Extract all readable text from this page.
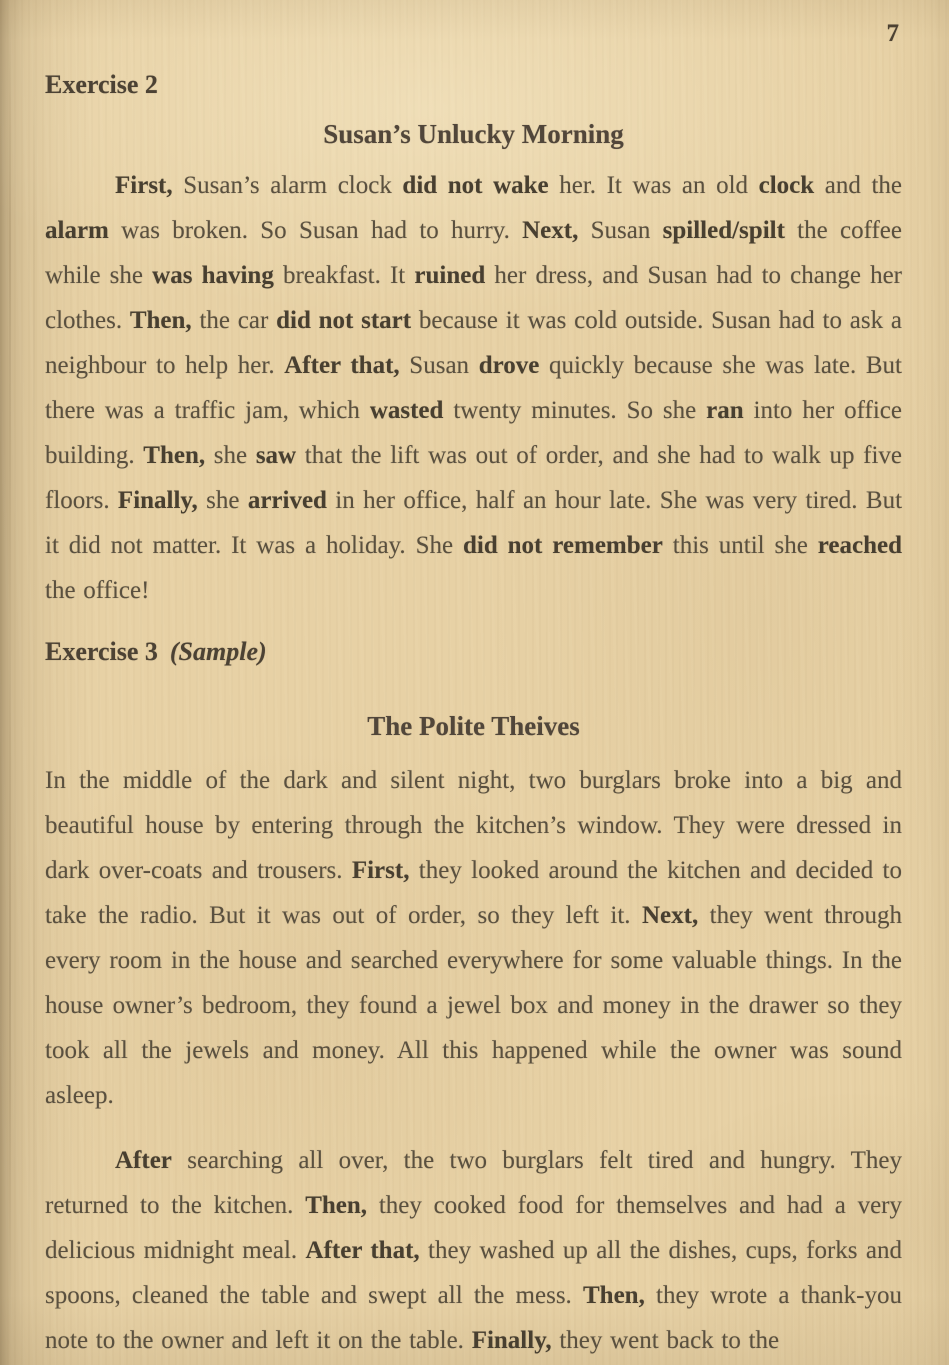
7
Exercise 2
Susan’s Unlucky Morning

First, Susan’s alarm clock did not wake her. It was an old clock and the alarm was broken. So Susan had to hurry. Next, Susan spilled/spilt the coffee while she was having breakfast. It ruined her dress, and Susan had to change her clothes. Then, the car did not start because it was cold outside. Susan had to ask a neighbour to help her. After that, Susan drove quickly because she was late. But there was a traffic jam, which wasted twenty minutes. So she ran into her office building. Then, she saw that the lift was out of order, and she had to walk up five floors. Finally, she arrived in her office, half an hour late. She was very tired. But it did not matter. It was a holiday. She did not remember this until she reached the office!

Exercise 3 (Sample)
The Polite Theives

In the middle of the dark and silent night, two burglars broke into a big and beautiful house by entering through the kitchen’s window. They were dressed in dark over-coats and trousers. First, they looked around the kitchen and decided to take the radio. But it was out of order, so they left it. Next, they went through every room in the house and searched everywhere for some valuable things. In the house owner’s bedroom, they found a jewel box and money in the drawer so they took all the jewels and money. All this happened while the owner was sound asleep.

After searching all over, the two burglars felt tired and hungry. They returned to the kitchen. Then, they cooked food for themselves and had a very delicious midnight meal. After that, they washed up all the dishes, cups, forks and spoons, cleaned the table and swept all the mess. Then, they wrote a thank-you note to the owner and left it on the table. Finally, they went back to the
